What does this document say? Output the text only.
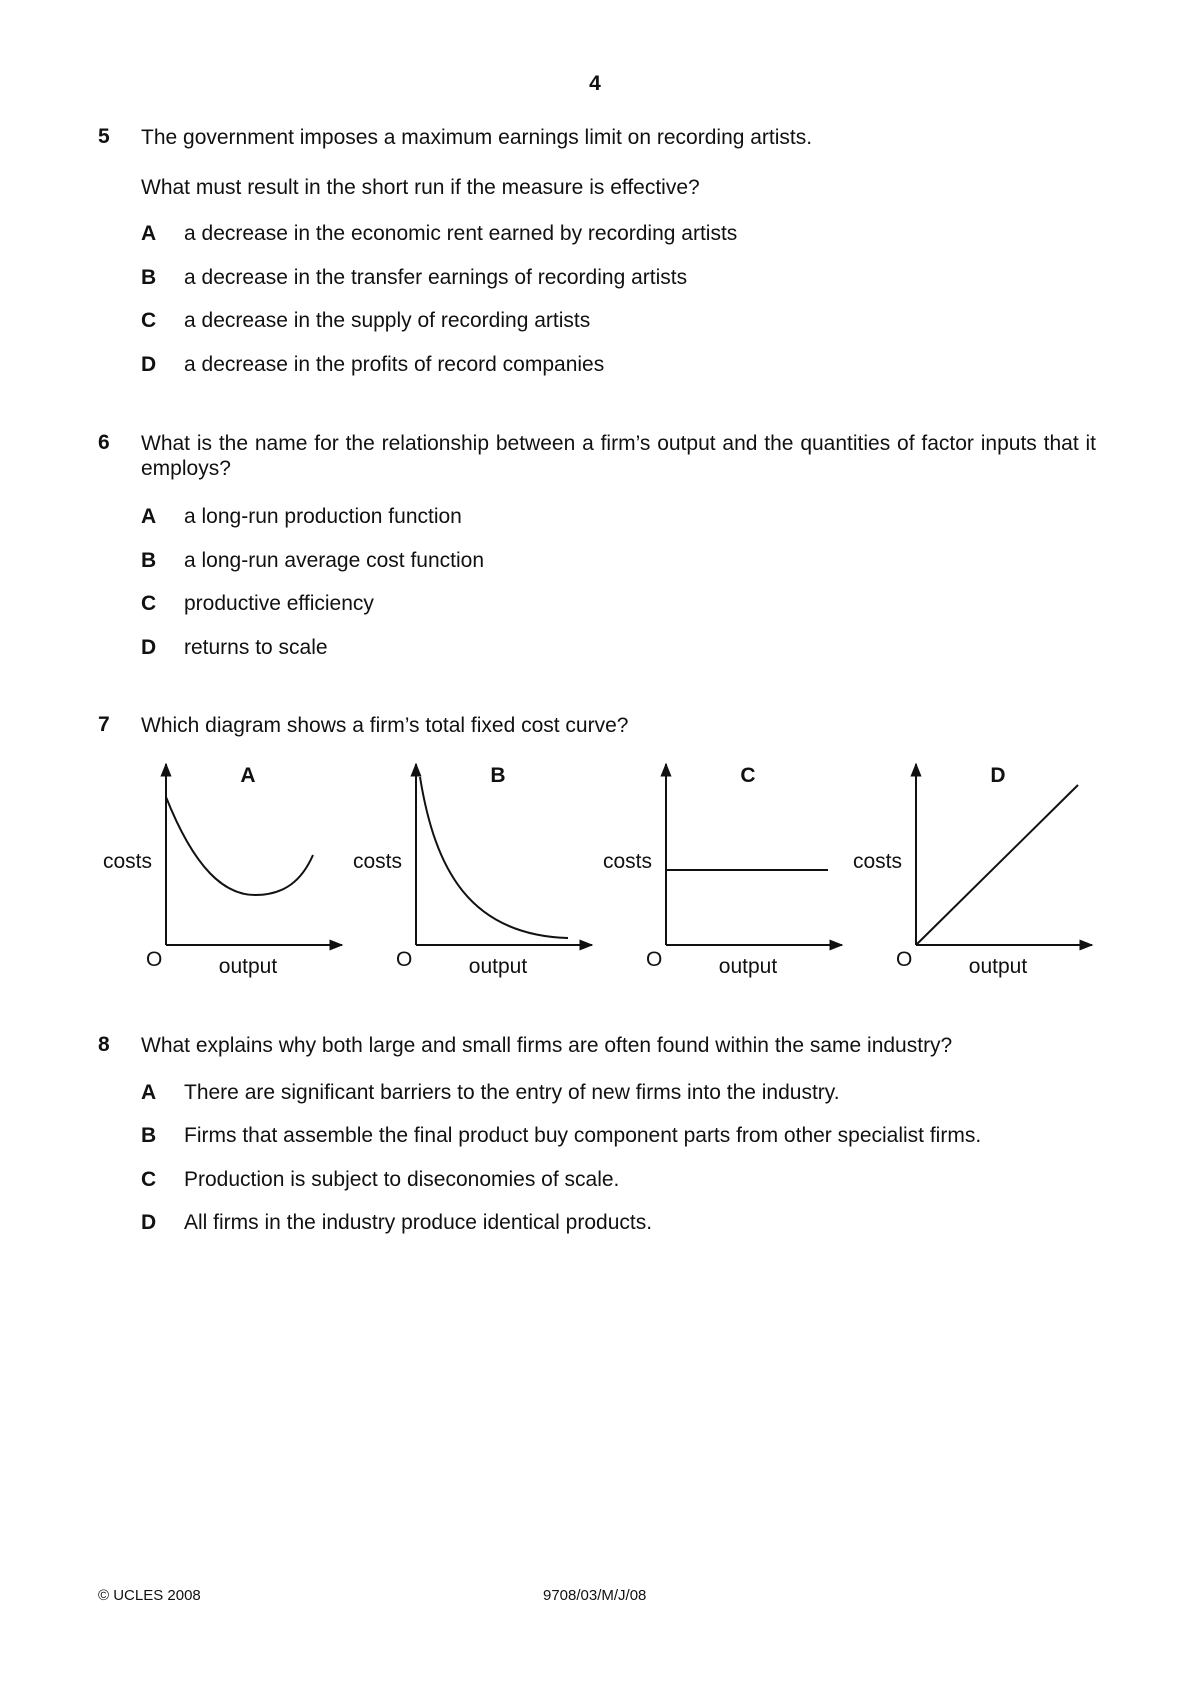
4
5 The government imposes a maximum earnings limit on recording artists.
What must result in the short run if the measure is effective?
A a decrease in the economic rent earned by recording artists
B a decrease in the transfer earnings of recording artists
C a decrease in the supply of recording artists
D a decrease in the profits of record companies
6 What is the name for the relationship between a firm’s output and the quantities of factor inputs that it employs?
A a long-run production function
B a long-run average cost function
C productive efficiency
D returns to scale
7 Which diagram shows a firm’s total fixed cost curve?
A
costs
O	output
B
costs
O	output
C
costs
O	output
D
costs
O	output
8 What explains why both large and small firms are often found within the same industry?
A There are significant barriers to the entry of new firms into the industry.
B Firms that assemble the final product buy component parts from other specialist firms.
C Production is subject to diseconomies of scale.
D All firms in the industry produce identical products.
© UCLES 2008	9708/03/M/J/08
